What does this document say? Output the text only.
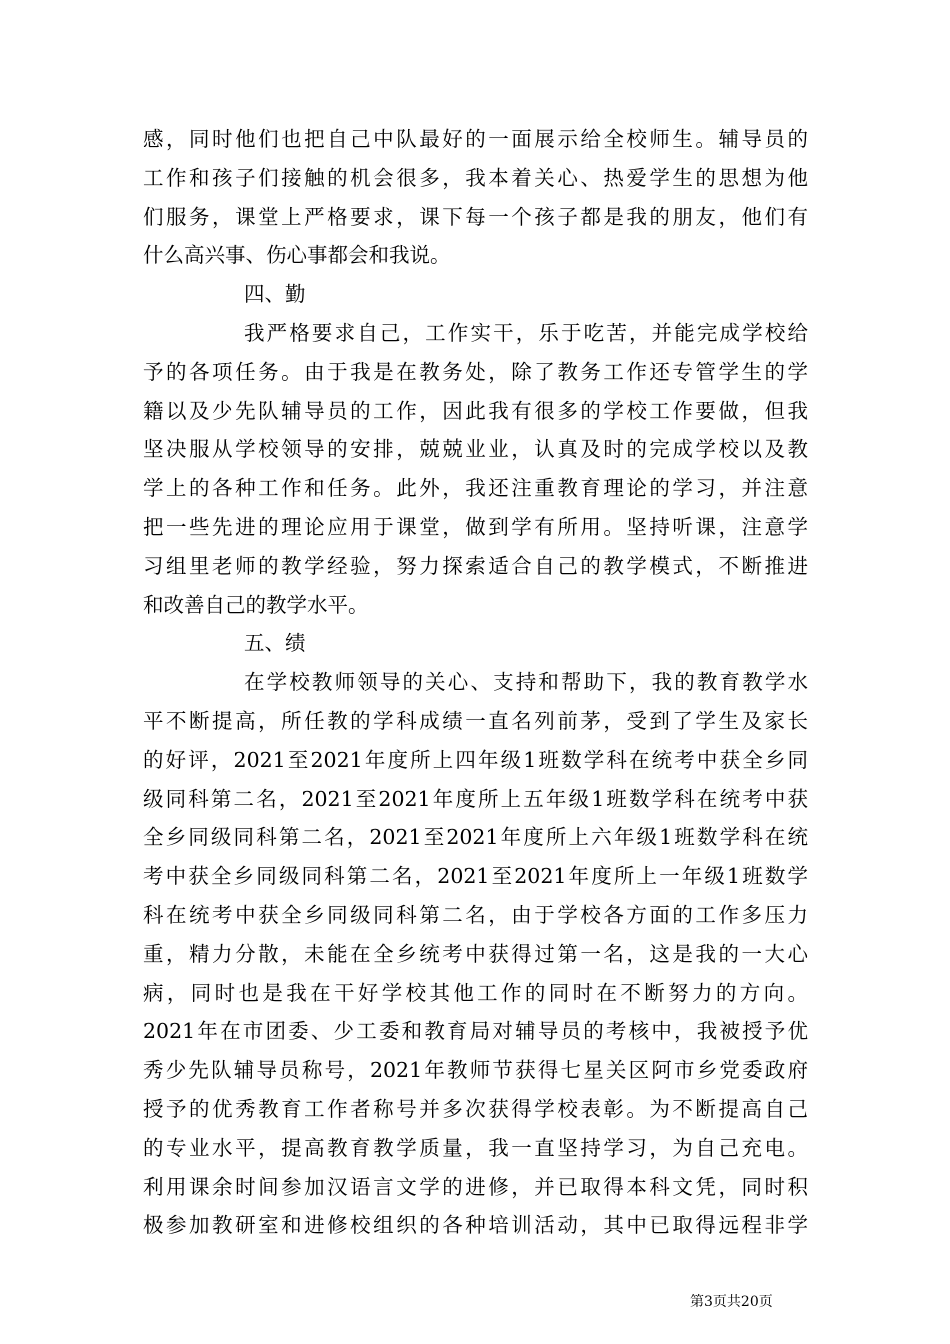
感，同时他们也把自己中队最好的一面展示给全校师生。辅导员的
工作和孩子们接触的机会很多，我本着关心、热爱学生的思想为他
们服务，课堂上严格要求，课下每一个孩子都是我的朋友，他们有
什么高兴事、伤心事都会和我说。
四、勤
我严格要求自己，工作实干，乐于吃苦，并能完成学校给
予的各项任务。由于我是在教务处，除了教务工作还专管学生的学
籍以及少先队辅导员的工作，因此我有很多的学校工作要做，但我
坚决服从学校领导的安排，兢兢业业，认真及时的完成学校以及教
学上的各种工作和任务。此外，我还注重教育理论的学习，并注意
把一些先进的理论应用于课堂，做到学有所用。坚持听课，注意学
习组里老师的教学经验，努力探索适合自己的教学模式，不断推进
和改善自己的教学水平。
五、绩
在学校教师领导的关心、支持和帮助下，我的教育教学水
平不断提高，所任教的学科成绩一直名列前茅，受到了学生及家长
的好评，2021至2021年度所上四年级1班数学科在统考中获全乡同
级同科第二名，2021至2021年度所上五年级1班数学科在统考中获
全乡同级同科第二名，2021至2021年度所上六年级1班数学科在统
考中获全乡同级同科第二名，2021至2021年度所上一年级1班数学
科在统考中获全乡同级同科第二名，由于学校各方面的工作多压力
重，精力分散，未能在全乡统考中获得过第一名，这是我的一大心
病，同时也是我在干好学校其他工作的同时在不断努力的方向。
2021年在市团委、少工委和教育局对辅导员的考核中，我被授予优
秀少先队辅导员称号，2021年教师节获得七星关区阿市乡党委政府
授予的优秀教育工作者称号并多次获得学校表彰。为不断提高自己
的专业水平，提高教育教学质量，我一直坚持学习，为自己充电。
利用课余时间参加汉语言文学的进修，并已取得本科文凭，同时积
极参加教研室和进修校组织的各种培训活动，其中已取得远程非学
第3页共20页
